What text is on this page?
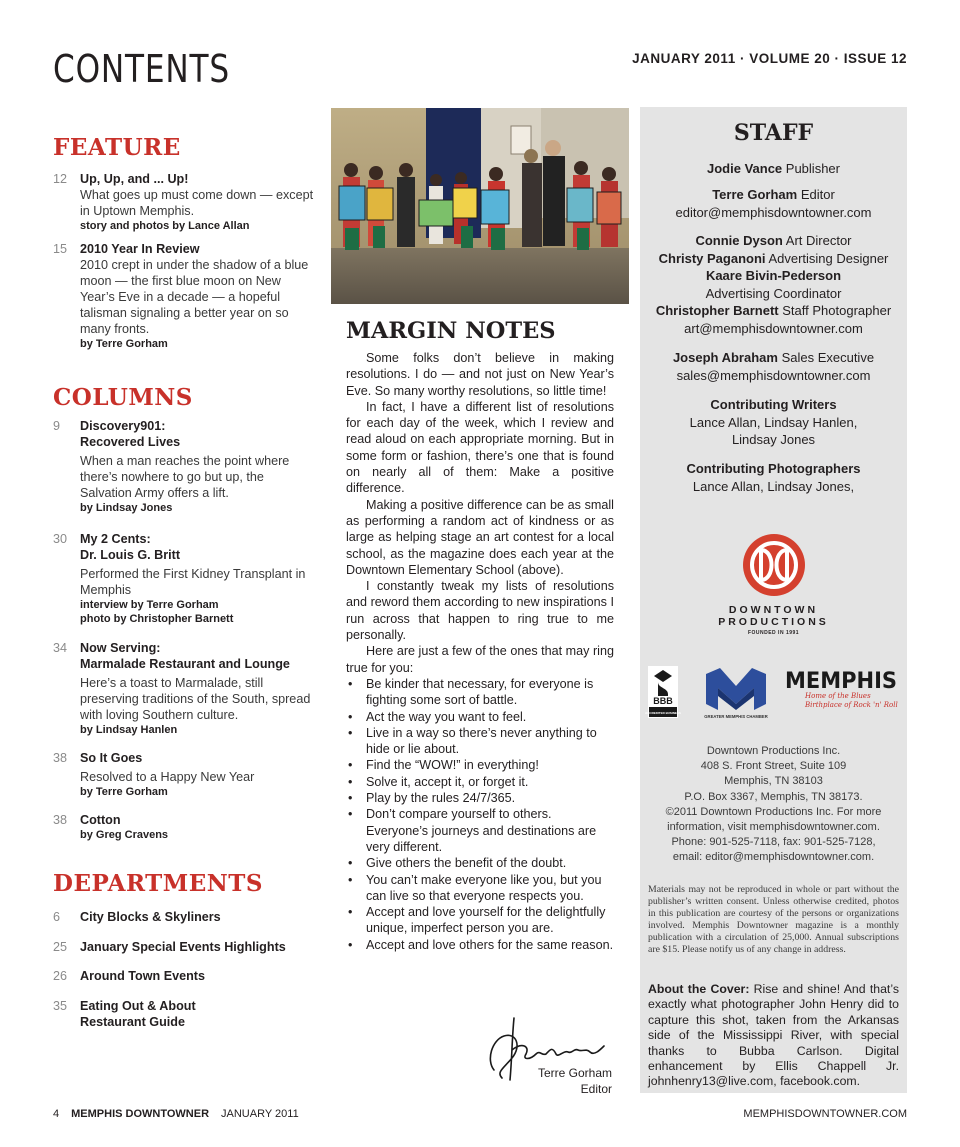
CONTENTS	JANUARY 2011 · VOLUME 20 · ISSUE 12
FEATURE
12	Up, Up, and ... Up!
What goes up must come down — except in Uptown Memphis.
story and photos by Lance Allan
15	2010 Year In Review
2010 crept in under the shadow of a blue moon — the first blue moon on New Year’s Eve in a decade — a hopeful talisman signaling a better year on so many fronts.
by Terre Gorham
COLUMNS
9	Discovery901:
Recovered Lives
When a man reaches the point where there’s nowhere to go but up, the Salvation Army offers a lift.
by Lindsay Jones
30	My 2 Cents:
Dr. Louis G. Britt
Performed the First Kidney Transplant in Memphis
interview by Terre Gorham
photo by Christopher Barnett
34	Now Serving:
Marmalade Restaurant and Lounge
Here’s a toast to Marmalade, still preserving traditions of the South, spread with loving Southern culture.
by Lindsay Hanlen
38	So It Goes
Resolved to a Happy New Year
by Terre Gorham
38	Cotton
by Greg Cravens
DEPARTMENTS
6	City Blocks & Skyliners
25	January Special Events Highlights
26	Around Town Events
35	Eating Out & About
Restaurant Guide
MARGIN NOTES

Some folks don’t believe in making resolutions. I do — and not just on New Year’s Eve. So many worthy resolutions, so little time!

In fact, I have a different list of resolutions for each day of the week, which I review and read aloud on each appropriate morning. But in some form or fashion, there’s one that is found on nearly all of them: Make a positive difference.

Making a positive difference can be as small as performing a random act of kindness or as large as helping stage an art contest for a local school, as the magazine does each year at the Downtown Elementary School (above).

I constantly tweak my lists of resolutions and reword them according to new inspirations I run across that happen to ring true to me personally.

Here are just a few of the ones that may ring true for you:

• Be kinder that necessary, for everyone is fighting some sort of battle.
• Act the way you want to feel.
• Live in a way so there’s never anything to hide or lie about.
• Find the “WOW!” in everything!
• Solve it, accept it, or forget it.
• Play by the rules 24/7/365.
• Don’t compare yourself to others. Everyone’s journeys and destinations are very different.
• Give others the benefit of the doubt.
• You can’t make everyone like you, but you can live so that everyone respects you.
• Accept and love yourself for the delightfully unique, imperfect person you are.
• Accept and love others for the same reason.
Terre Gorham
Editor
STAFF
Jodie Vance Publisher
Terre Gorham Editor
editor@memphisdowntowner.com
Connie Dyson Art Director
Christy Paganoni Advertising Designer
Kaare Bivin-Pederson
Advertising Coordinator
Christopher Barnett Staff Photographer
art@memphisdowntowner.com
Joseph Abraham Sales Executive
sales@memphisdowntowner.com
Contributing Writers
Lance Allan, Lindsay Hanlen,
Lindsay Jones
Contributing Photographers
Lance Allan, Lindsay Jones,
DOWNTOWN
PRODUCTIONS
FOUNDED IN 1991
BBB
ACCREDITED BUSINESS
GREATER MEMPHIS CHAMBER
MEMPHIS
Home of the Blues
Birthplace of Rock 'n' Roll
Downtown Productions Inc.
408 S. Front Street, Suite 109
Memphis, TN 38103
P.O. Box 3367, Memphis, TN 38173.
©2011 Downtown Productions Inc. For more
information, visit memphisdowntowner.com.
Phone: 901-525-7118, fax: 901-525-7128,
email: editor@memphisdowntowner.com.
Materials may not be reproduced in whole or part without the publisher’s written consent. Unless otherwise credited, photos in this publication are courtesy of the persons or organizations involved. Memphis Downtowner magazine is a monthly publication with a circulation of 25,000. Annual subscriptions are $15. Please notify us of any change in address.
About the Cover: Rise and shine! And that’s exactly what photographer John Henry did to capture this shot, taken from the Arkansas side of the Mississippi River, with special thanks to Bubba Carlson. Digital enhancement by Ellis Chappell Jr. johnhenry13@live.com, facebook.com.
4 MEMPHIS DOWNTOWNER JANUARY 2011	MEMPHISDOWNTOWNER.COM
